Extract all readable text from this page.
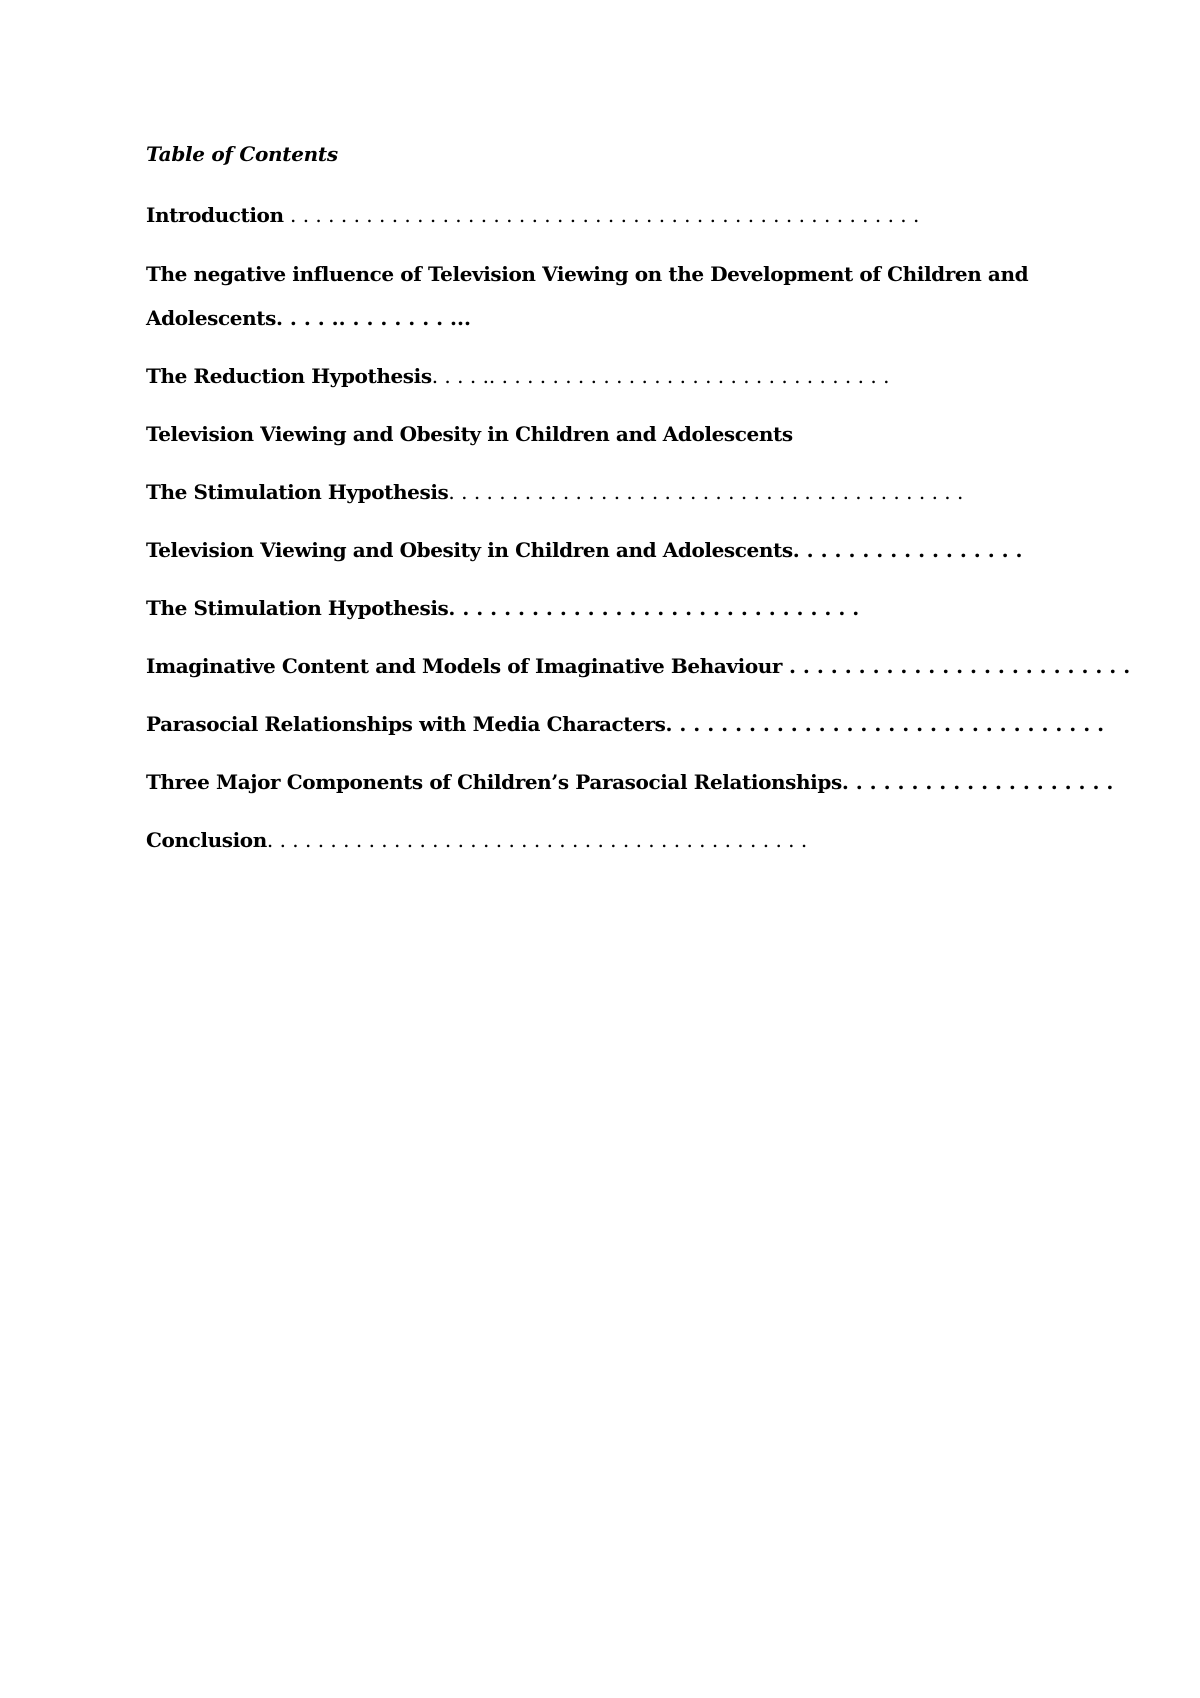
Table of Contents
Introduction . . . . . . . . . . . . . . . . . . . . . . . . . . . . . . . . . . . . . . . . . . . . . . . . . .
The negative influence of Television Viewing on the Development of Children and
Adolescents. . . . .. . . . . . . . ...
The Reduction Hypothesis. . . . .. . . . . . . . . . . . . . . . . . . . . . . . . . . . . . . .
Television Viewing and Obesity in Children and Adolescents
The Stimulation Hypothesis. . . . . . . . . . . . . . . . . . . . . . . . . . . . . . . . . . . . . . . . .
Television Viewing and Obesity in Children and Adolescents. . . . . . . . . . . . . . . . .
The Stimulation Hypothesis. . . . . . . . . . . . . . . . . . . . . . . . . . . . . .
Imaginative Content and Models of Imaginative Behaviour . . . . . . . . . . . . . . . . . . . . . . . . .
Parasocial Relationships with Media Characters. . . . . . . . . . . . . . . . . . . . . . . . . . . . . . . .
Three Major Components of Children’s Parasocial Relationships. . . . . . . . . . . . . . . . . . . .
Conclusion. . . . . . . . . . . . . . . . . . . . . . . . . . . . . . . . . . . . . . . . . . .
